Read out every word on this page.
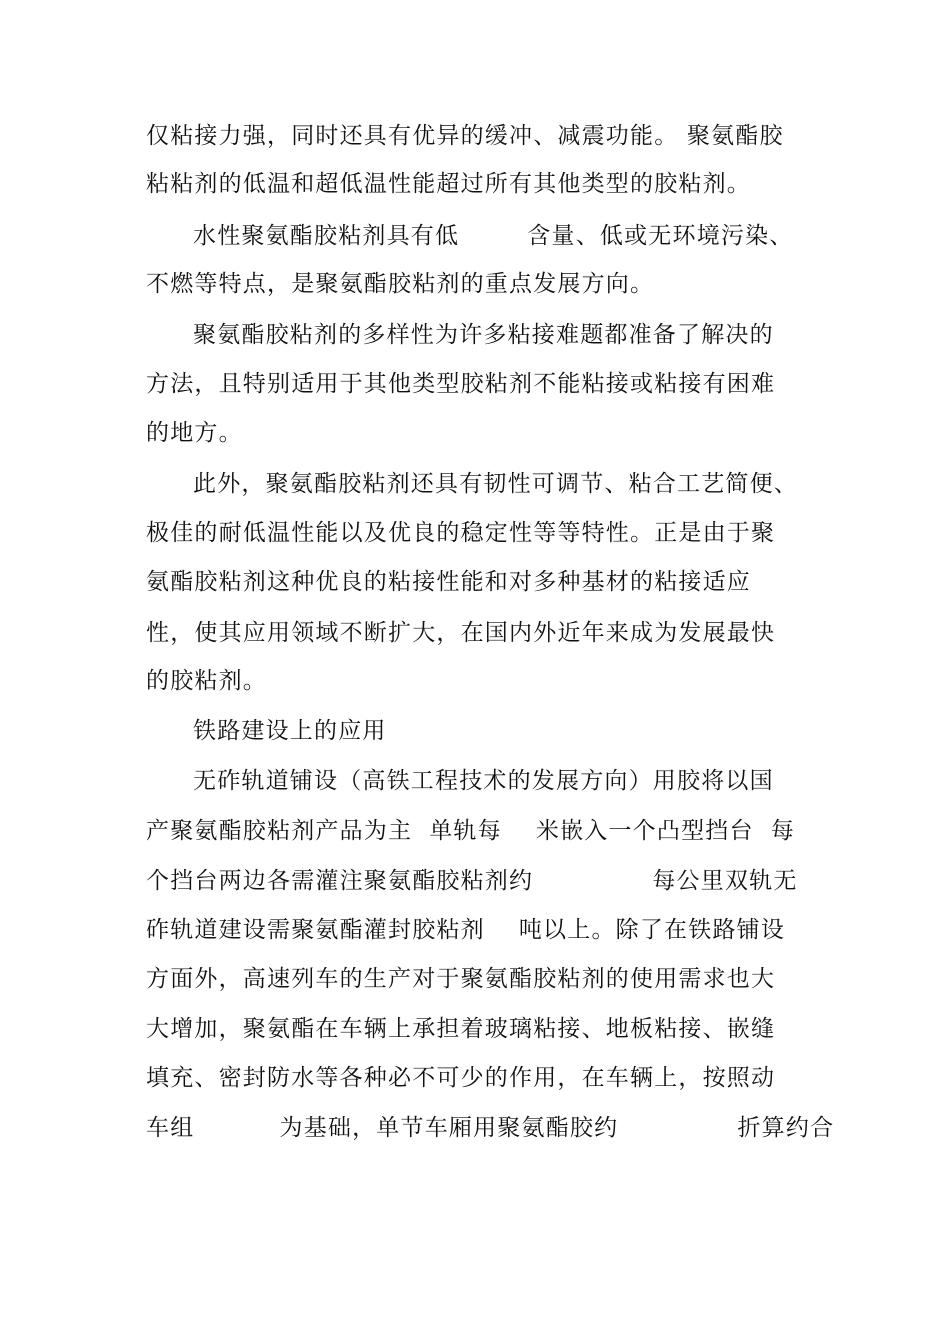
仅粘接力强，同时还具有优异的缓冲、减震功能。 聚氨酯胶
粘粘剂的低温和超低温性能超过所有其他类型的胶粘剂。
水性聚氨酯胶粘剂具有低        含量、低或无环境污染、
不燃等特点，是聚氨酯胶粘剂的重点发展方向。
聚氨酯胶粘剂的多样性为许多粘接难题都准备了解决的
方法，且特别适用于其他类型胶粘剂不能粘接或粘接有困难
的地方。
此外，聚氨酯胶粘剂还具有韧性可调节、粘合工艺简便、
极佳的耐低温性能以及优良的稳定性等等特性。正是由于聚
氨酯胶粘剂这种优良的粘接性能和对多种基材的粘接适应
性，使其应用领域不断扩大，在国内外近年来成为发展最快
的胶粘剂。
铁路建设上的应用
无砟轨道铺设（高铁工程技术的发展方向）用胶将以国
产聚氨酯胶粘剂产品为主  单轨每    米嵌入一个凸型挡台  每
个挡台两边各需灌注聚氨酯胶粘剂约              每公里双轨无
砟轨道建设需聚氨酯灌封胶粘剂    吨以上。除了在铁路铺设
方面外，高速列车的生产对于聚氨酯胶粘剂的使用需求也大
大增加，聚氨酯在车辆上承担着玻璃粘接、地板粘接、嵌缝
填充、密封防水等各种必不可少的作用，在车辆上，按照动
车组          为基础，单节车厢用聚氨酯胶约              折算约合
